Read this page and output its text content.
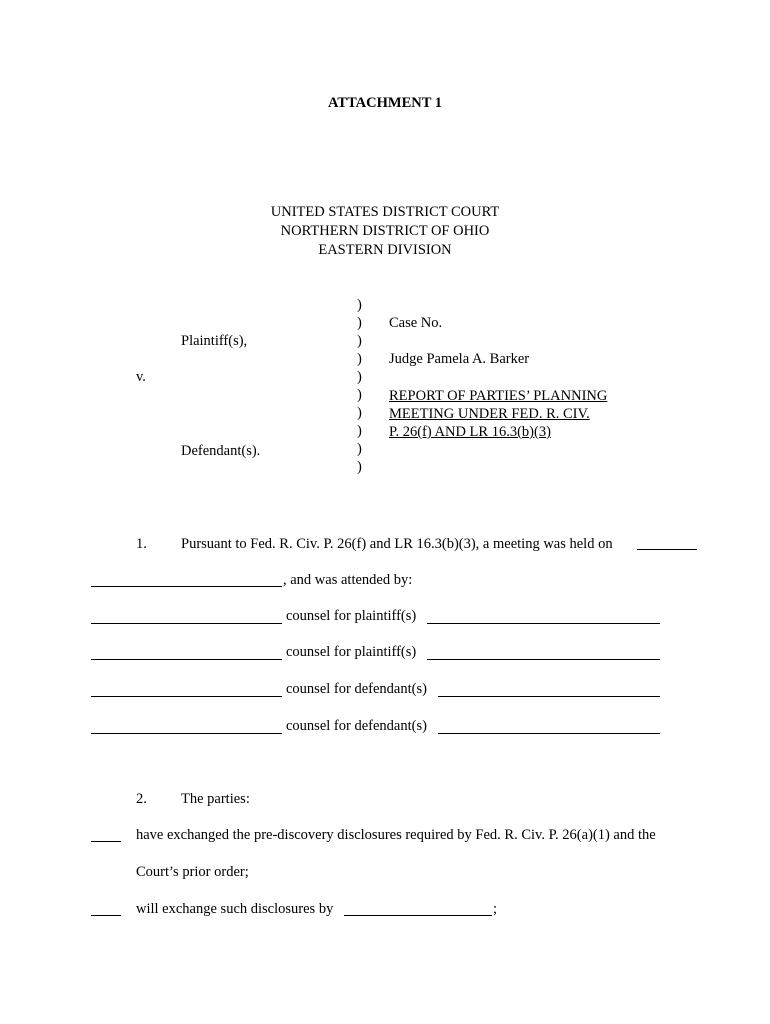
ATTACHMENT 1
UNITED STATES DISTRICT COURT
NORTHERN DISTRICT OF OHIO
EASTERN DIVISION
)
)
)
)
)
)
)
)
)
)
Plaintiff(s),
v.
Defendant(s).
Case No.
Judge Pamela A. Barker
REPORT OF PARTIES’ PLANNING
MEETING UNDER FED. R. CIV.
P. 26(f) AND LR 16.3(b)(3)
1. Pursuant to Fed. R. Civ. P. 26(f) and LR 16.3(b)(3), a meeting was held on
, and was attended by:
counsel for plaintiff(s)
counsel for plaintiff(s)
counsel for defendant(s)
counsel for defendant(s)
2. The parties:
have exchanged the pre-discovery disclosures required by Fed. R. Civ. P. 26(a)(1) and the
Court’s prior order;
will exchange such disclosures by	;
